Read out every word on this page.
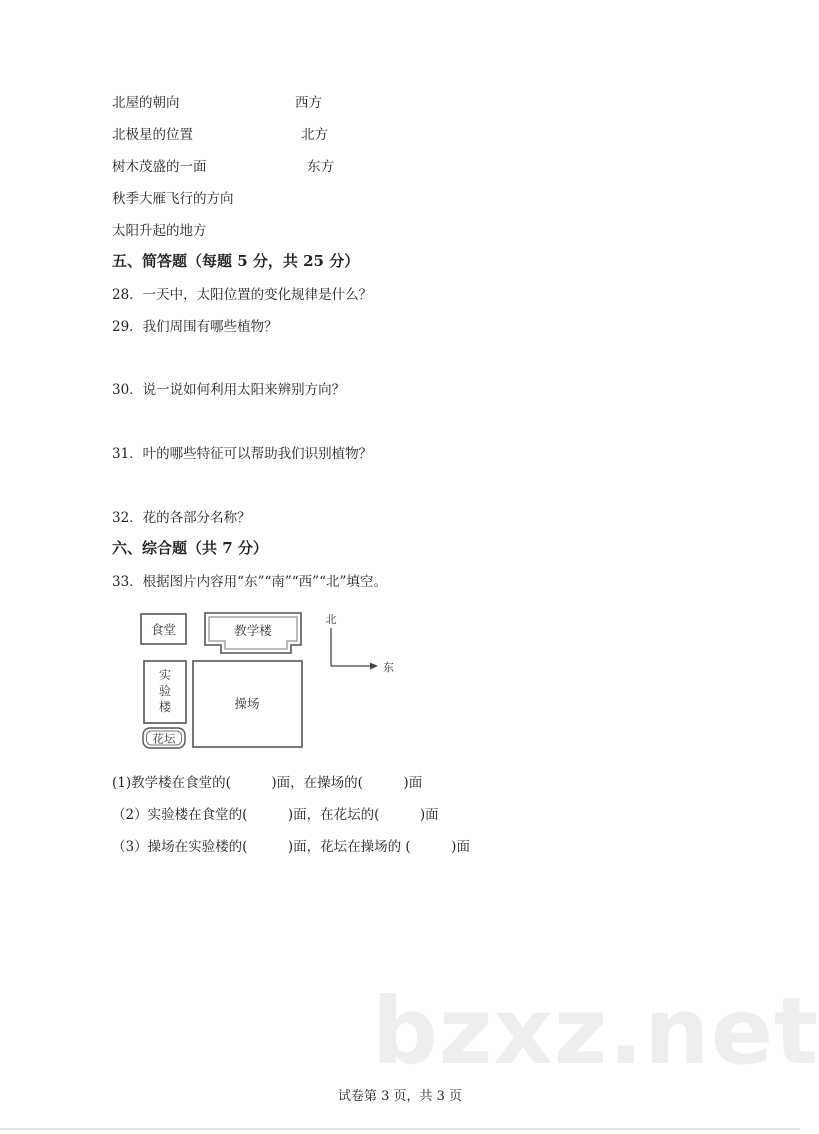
北屋的朝向	西方
北极星的位置	北方
树木茂盛的一面	东方
秋季大雁飞行的方向
太阳升起的地方
五、简答题（每题 5 分，共 25 分）
28．一天中，太阳位置的变化规律是什么？
29．我们周围有哪些植物？
30．说一说如何利用太阳来辨别方向？
31．叶的哪些特征可以帮助我们识别植物？
32．花的各部分名称？
六、综合题（共 7 分）
33．根据图片内容用“东”“南”“西”“北”填空。
食堂	教学楼
实
验
楼
花坛
操场
北
东
(1)教学楼在食堂的(　　　)面，在操场的(　　　)面
（2）实验楼在食堂的(　　　)面，在花坛的(　　　)面
（3）操场在实验楼的(　　　)面，花坛在操场的 (　　　)面
bzxz.net
试卷第 3 页，共 3 页
